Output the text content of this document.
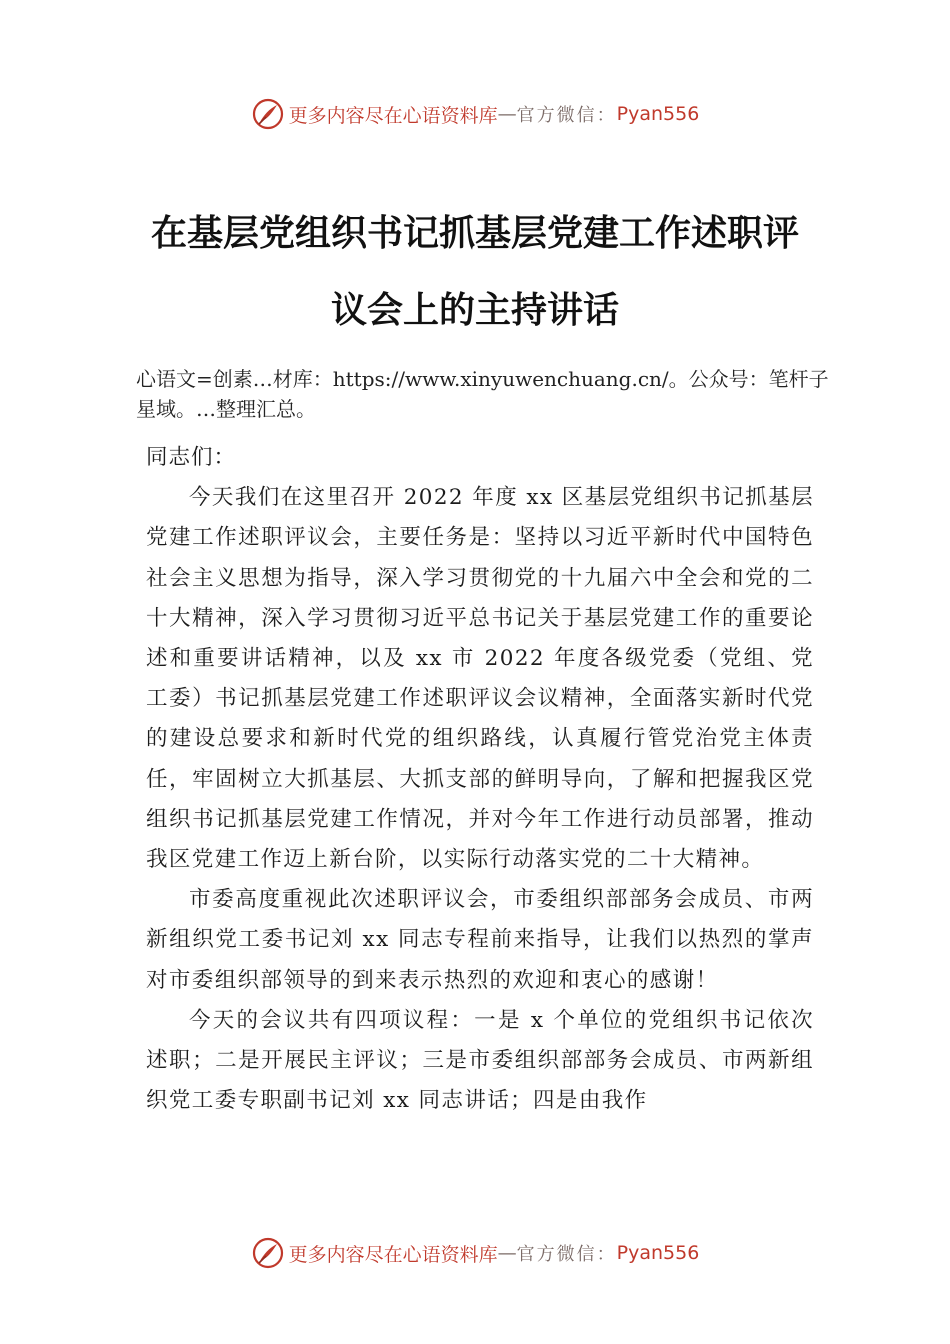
更多内容尽在心语资料库 — 官方微信： Pyan556
在基层党组织书记抓基层党建工作述职评
议会上的主持讲话

心语文=创素…材库：https://www.xinyuwenchuang.cn/。公众号：笔杆子星域。…整理汇总。

同志们：

今天我们在这里召开 2022 年度 xx 区基层党组织书记抓基层党建工作述职评议会，主要任务是：坚持以习近平新时代中国特色社会主义思想为指导，深入学习贯彻党的十九届六中全会和党的二十大精神，深入学习贯彻习近平总书记关于基层党建工作的重要论述和重要讲话精神，以及 xx 市 2022 年度各级党委（党组、党工委）书记抓基层党建工作述职评议会议精神，全面落实新时代党的建设总要求和新时代党的组织路线，认真履行管党治党主体责任，牢固树立大抓基层、大抓支部的鲜明导向，了解和把握我区党组织书记抓基层党建工作情况，并对今年工作进行动员部署，推动我区党建工作迈上新台阶，以实际行动落实党的二十大精神。

市委高度重视此次述职评议会，市委组织部部务会成员、市两新组织党工委书记刘 xx 同志专程前来指导，让我们以热烈的掌声对市委组织部领导的到来表示热烈的欢迎和衷心的感谢！

今天的会议共有四项议程：一是 x 个单位的党组织书记依次述职；二是开展民主评议；三是市委组织部部务会成员、市两新组织党工委专职副书记刘 xx 同志讲话；四是由我作

更多内容尽在心语资料库 — 官方微信： Pyan556
